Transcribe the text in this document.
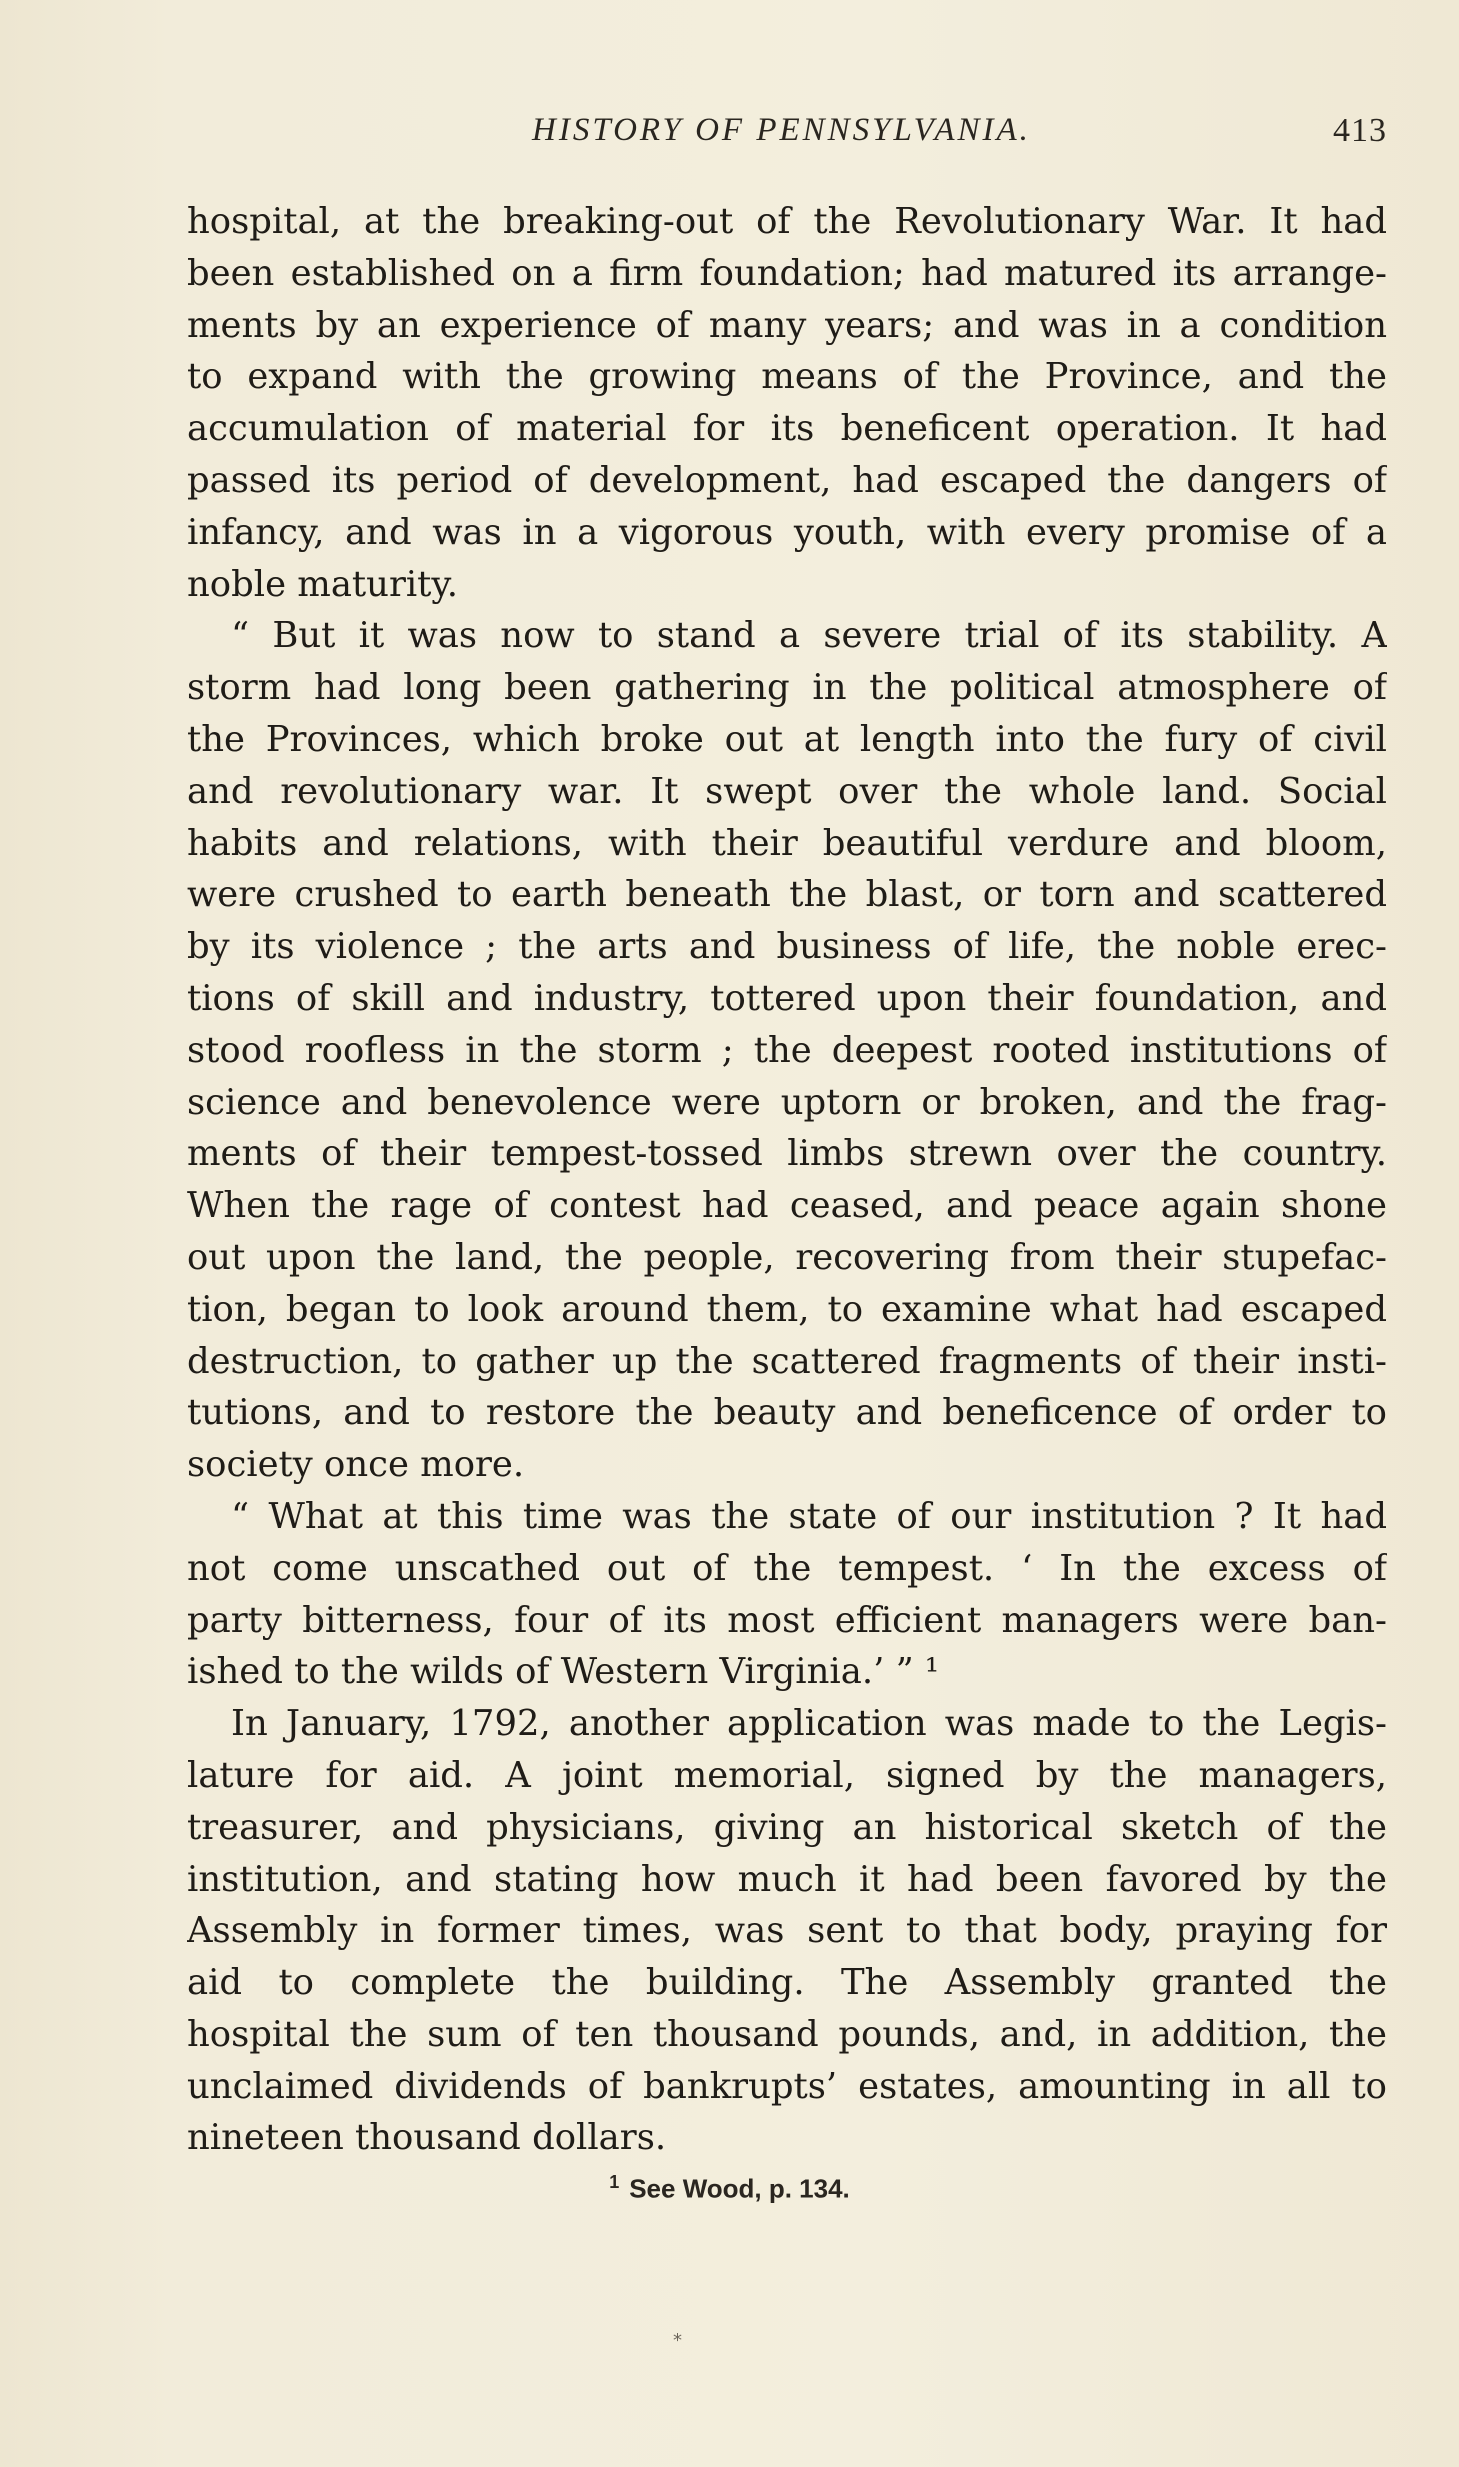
HISTORY OF PENNSYLVANIA.	413
hospital, at the breaking-out of the Revolutionary War. It had
been established on a firm foundation; had matured its arrange-
ments by an experience of many years; and was in a condition
to expand with the growing means of the Province, and the
accumulation of material for its beneficent operation. It had
passed its period of development, had escaped the dangers of
infancy, and was in a vigorous youth, with every promise of a
noble maturity.
“ But it was now to stand a severe trial of its stability. A
storm had long been gathering in the political atmosphere of
the Provinces, which broke out at length into the fury of civil
and revolutionary war. It swept over the whole land. Social
habits and relations, with their beautiful verdure and bloom,
were crushed to earth beneath the blast, or torn and scattered
by its violence ; the arts and business of life, the noble erec-
tions of skill and industry, tottered upon their foundation, and
stood roofless in the storm ; the deepest rooted institutions of
science and benevolence were uptorn or broken, and the frag-
ments of their tempest-tossed limbs strewn over the country.
When the rage of contest had ceased, and peace again shone
out upon the land, the people, recovering from their stupefac-
tion, began to look around them, to examine what had escaped
destruction, to gather up the scattered fragments of their insti-
tutions, and to restore the beauty and beneficence of order to
society once more.
“ What at this time was the state of our institution ? It had
not come unscathed out of the tempest. ‘ In the excess of
party bitterness, four of its most efficient managers were ban-
ished to the wilds of Western Virginia.’ ” ¹
In January, 1792, another application was made to the Legis-
lature for aid. A joint memorial, signed by the managers,
treasurer, and physicians, giving an historical sketch of the
institution, and stating how much it had been favored by the
Assembly in former times, was sent to that body, praying for
aid to complete the building. The Assembly granted the
hospital the sum of ten thousand pounds, and, in addition, the
unclaimed dividends of bankrupts’ estates, amounting in all to
nineteen thousand dollars.
$^1$ See Wood, p. 134.
*
